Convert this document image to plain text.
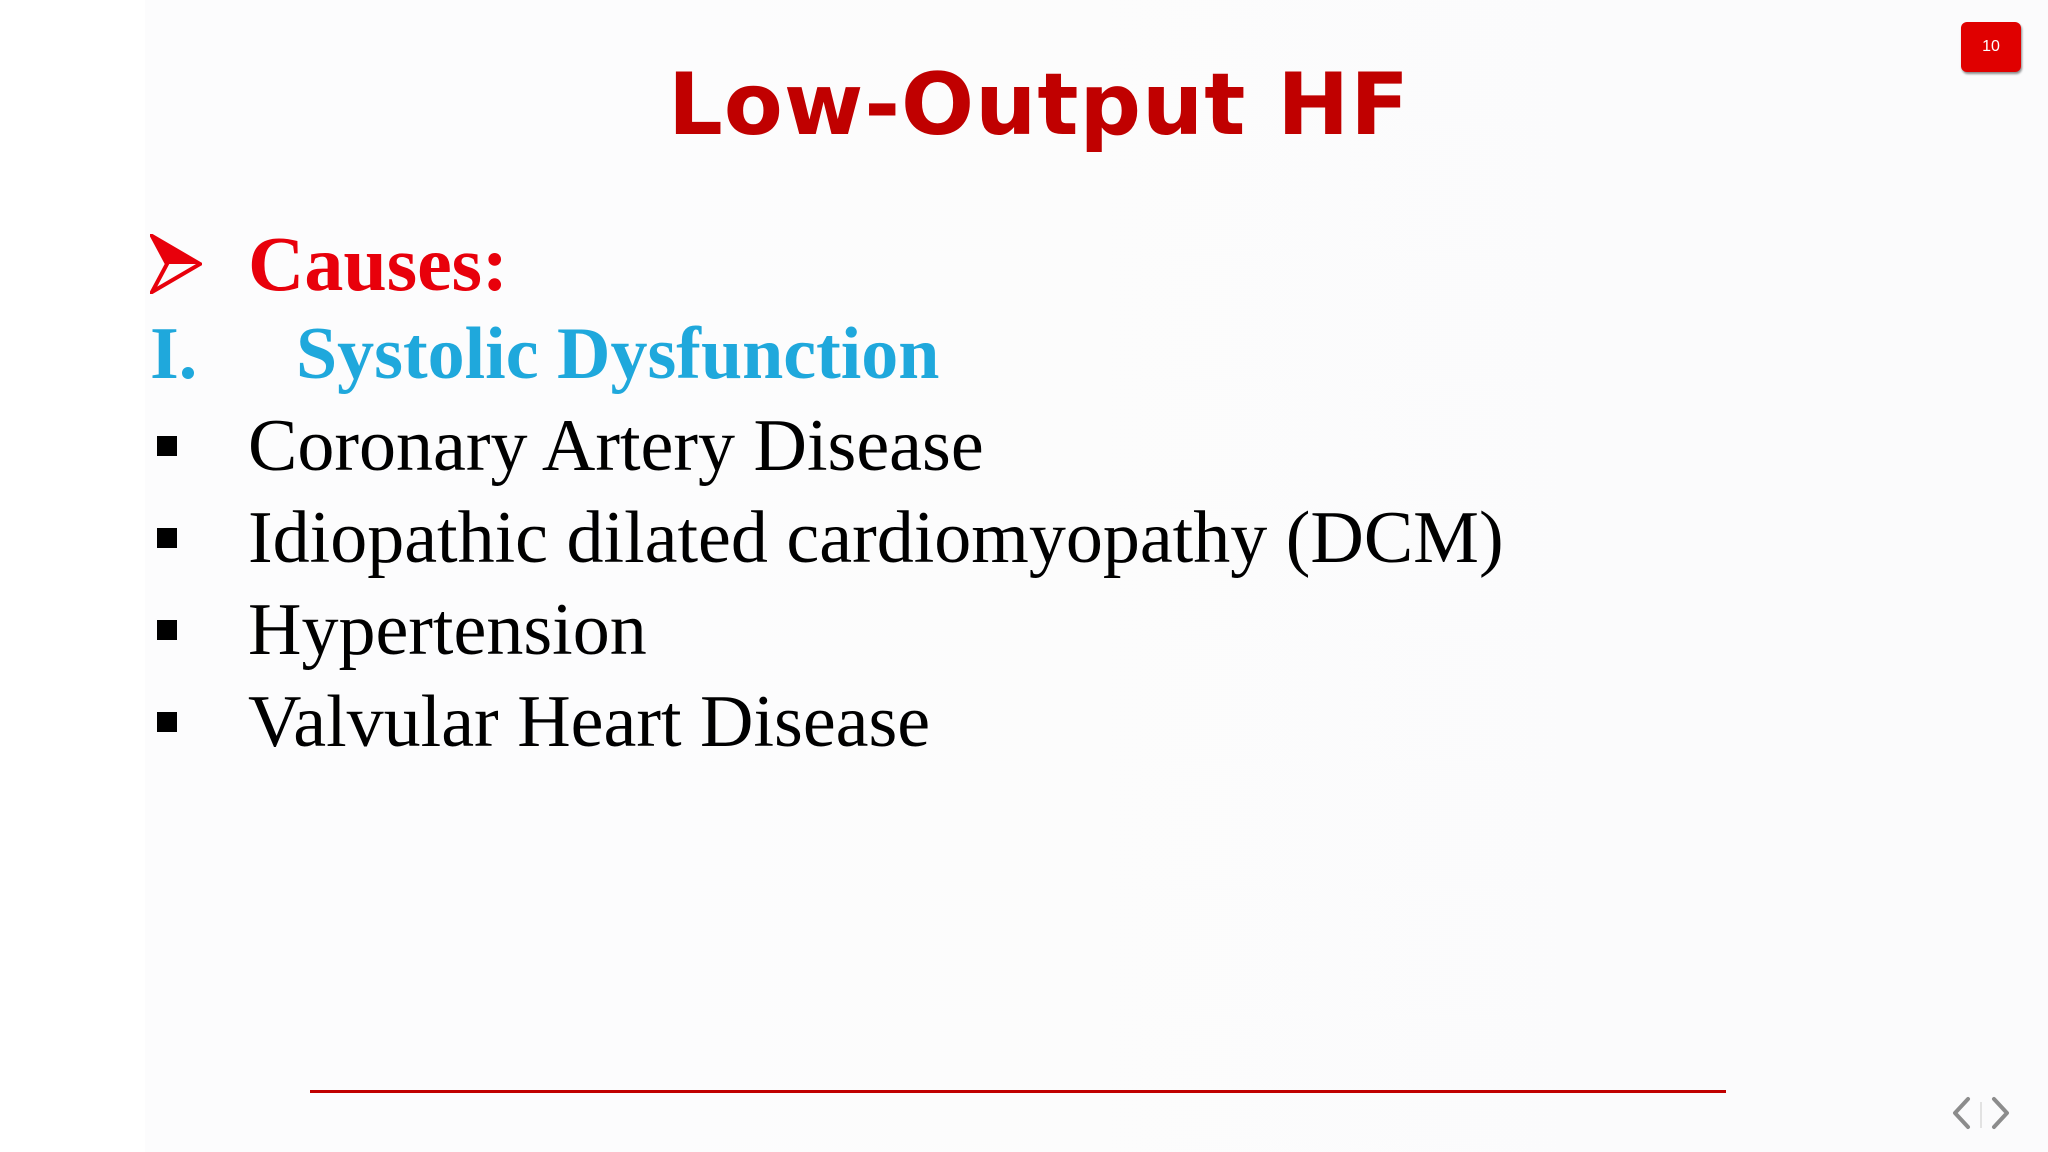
Low-Output HF
10
Causes:
I.	Systolic Dysfunction
Coronary Artery Disease
Idiopathic dilated cardiomyopathy (DCM)
Hypertension
Valvular Heart Disease
